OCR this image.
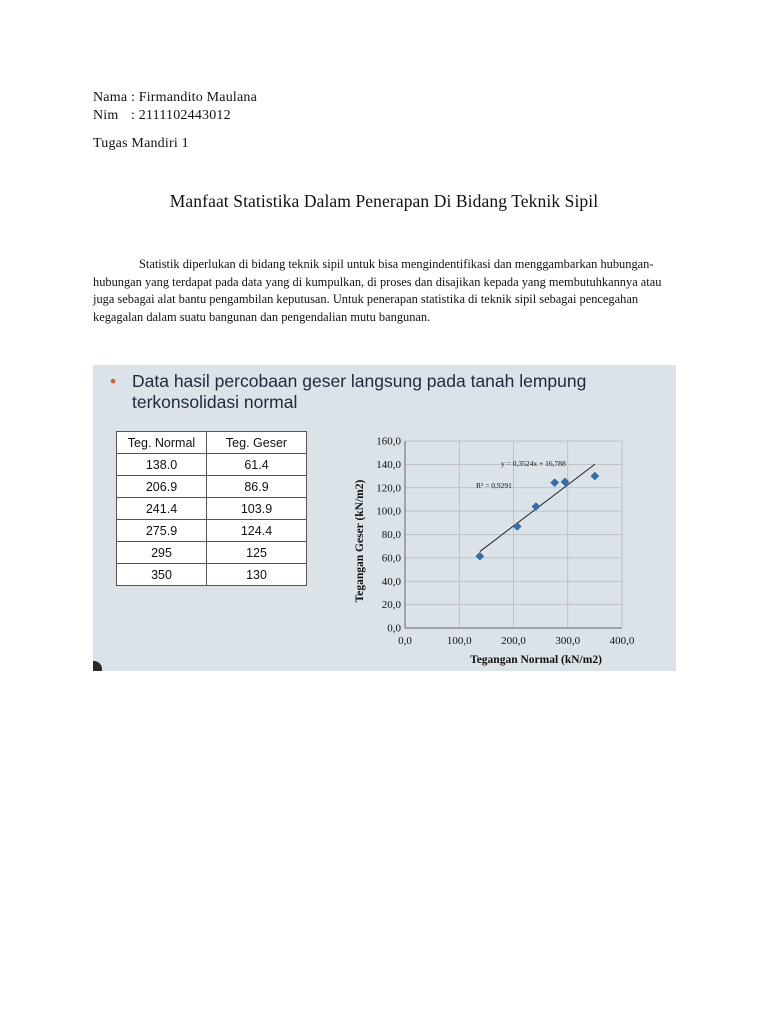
Nama : Firmandito Maulana
Nim : 2111102443012
Tugas Mandiri 1
Manfaat Statistika Dalam Penerapan Di Bidang Teknik Sipil

Statistik diperlukan di bidang teknik sipil untuk bisa mengindentifikasi dan menggambarkan hubungan-hubungan yang terdapat pada data yang di kumpulkan, di proses dan disajikan kepada yang membutuhkannya atau juga sebagai alat bantu pengambilan keputusan. Untuk penerapan statistika di teknik sipil sebagai pencegahan kegagalan dalam suatu bangunan dan pengendalian mutu bangunan.

• Data hasil percobaan geser langsung pada tanah lempung terkonsolidasi normal
Teg. Normal	Teg. Geser
138.0	61.4
206.9	86.9
241.4	103.9
275.9	124.4
295	125
350	130
0,0
20,0
40,0
60,0
80,0
100,0
120,0
140,0
160,0
0,0	100,0	200,0	300,0	400,0
y = 0,3524x + 16,788
R² = 0,9291
Tegangan Normal (kN/m2)
Tegangan Geser (kN/m2)
